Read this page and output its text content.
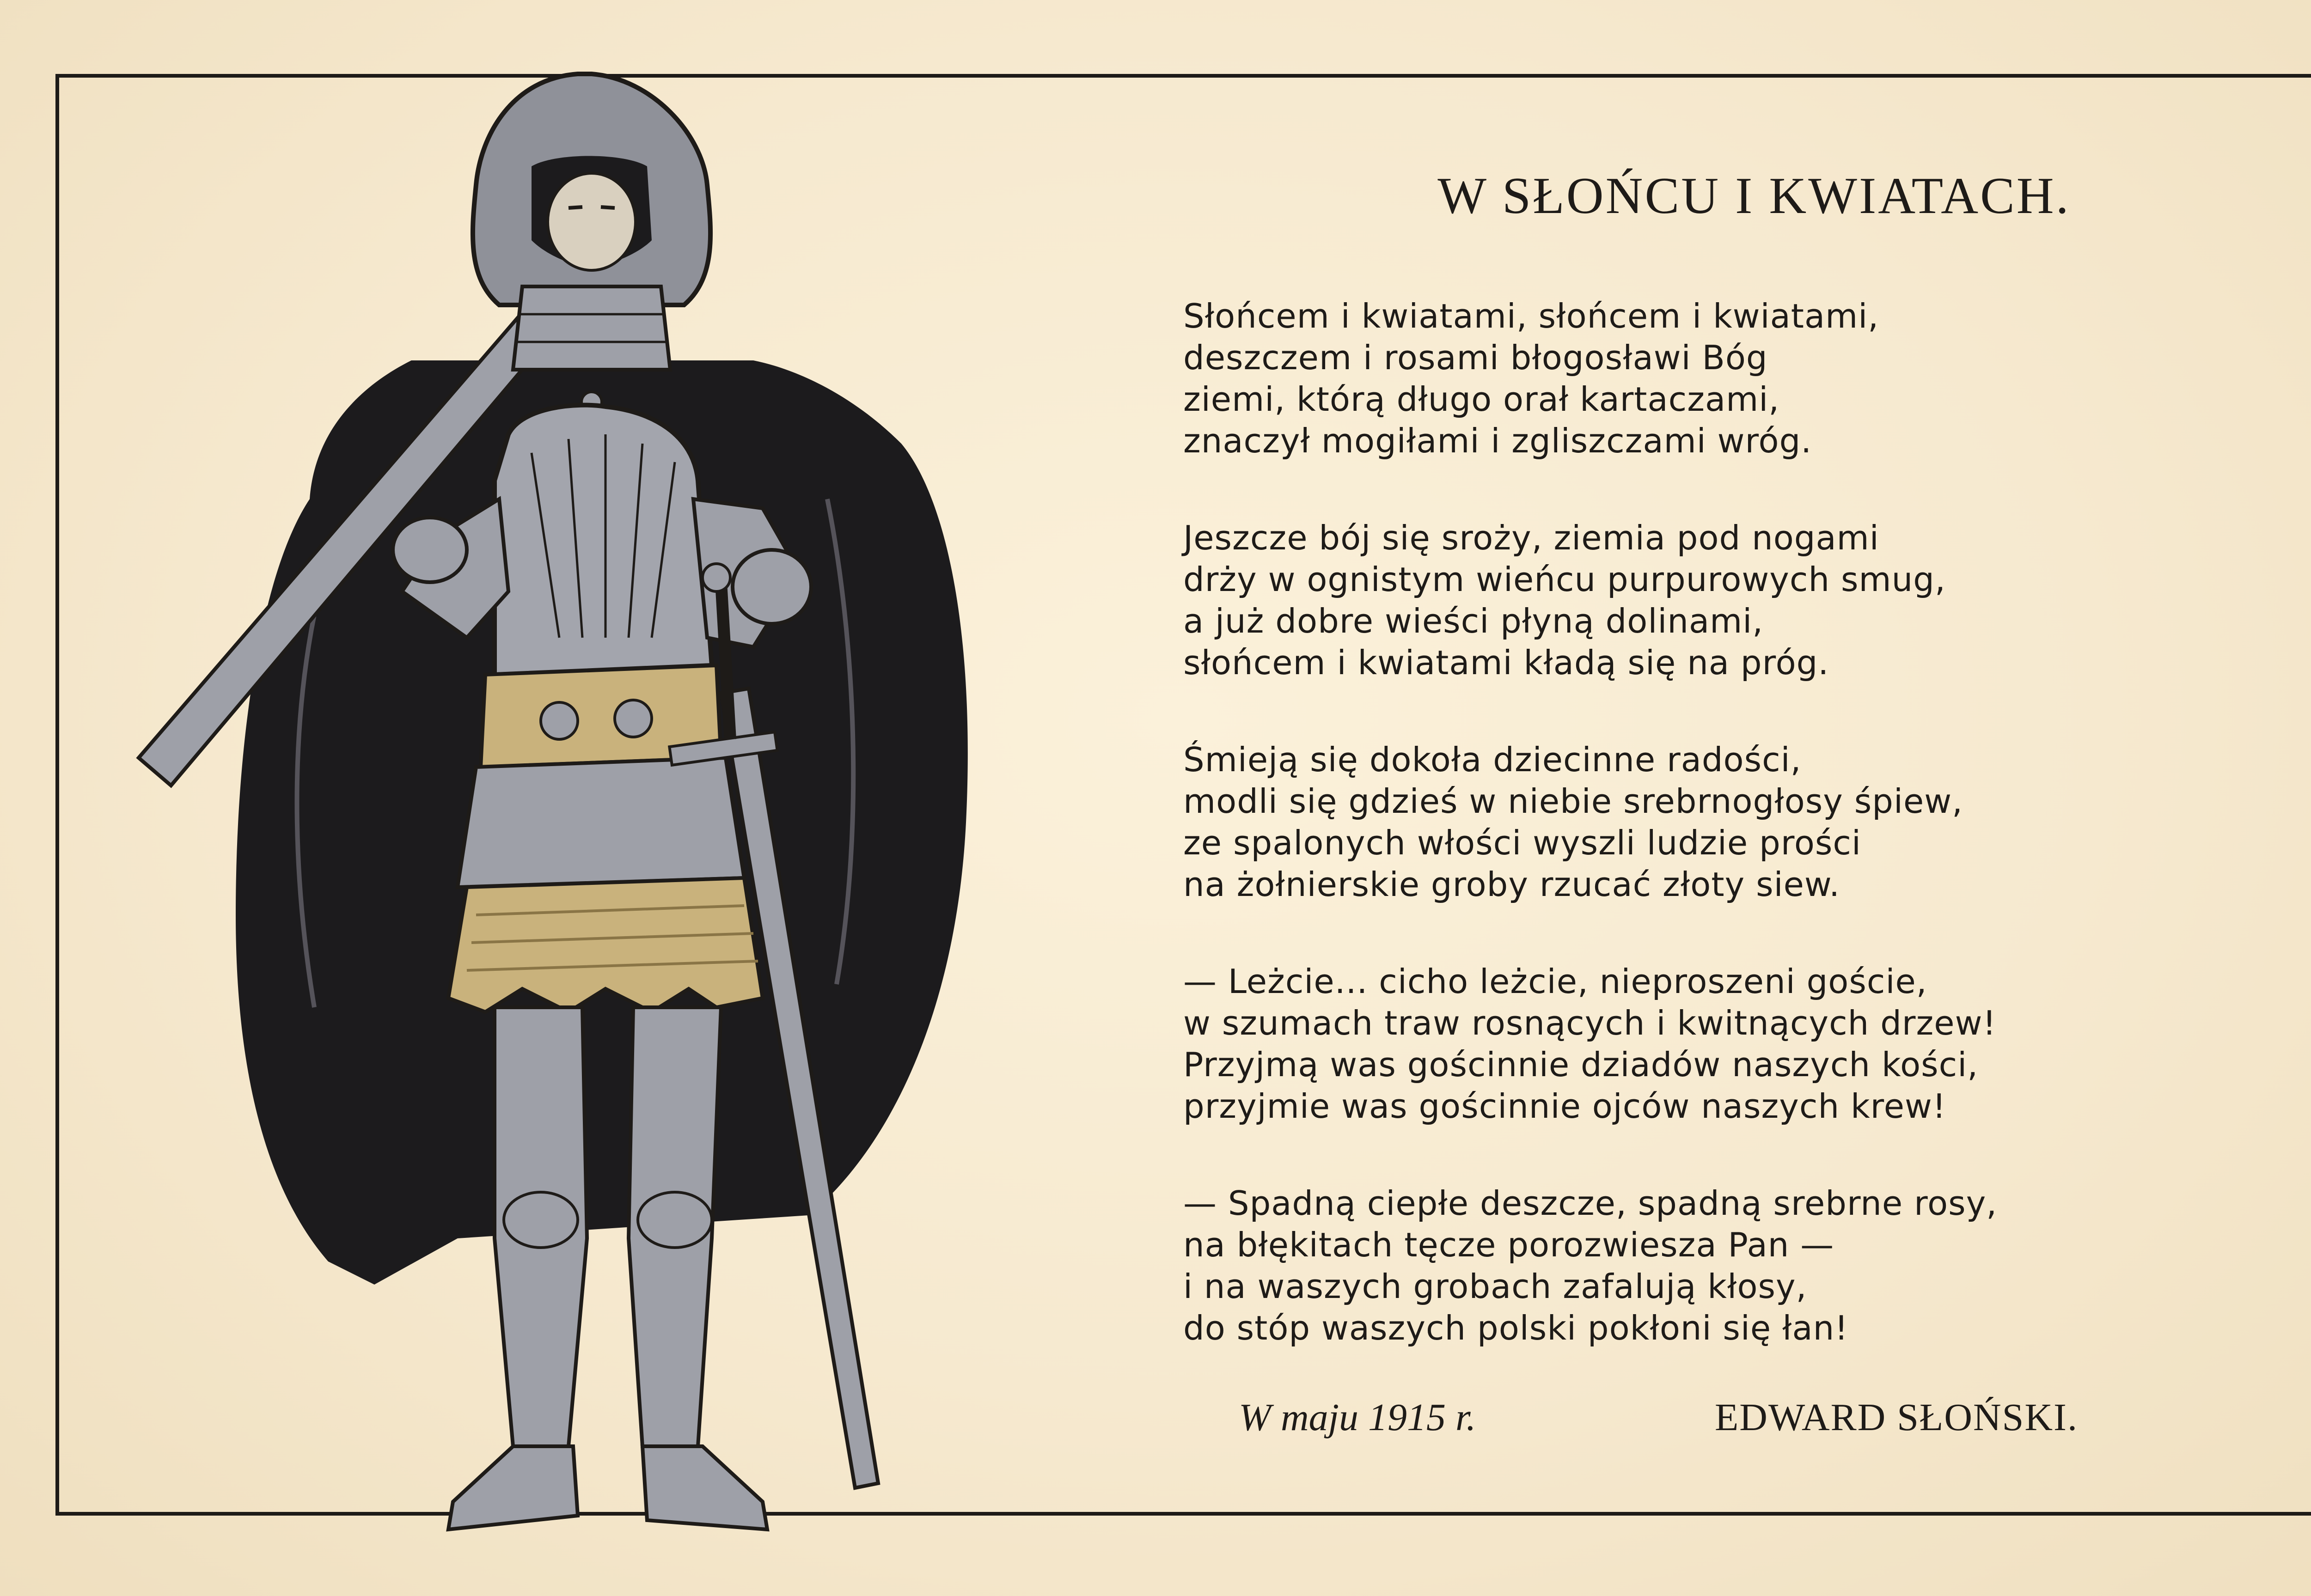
W SŁOŃCU I KWIATACH.
Słońcem i kwiatami, słońcem i kwiatami,
deszczem i rosami błogosławi Bóg
ziemi, którą długo orał kartaczami,
znaczył mogiłami i zgliszczami wróg.
Jeszcze bój się sroży, ziemia pod nogami
drży w ognistym wieńcu purpurowych smug,
a już dobre wieści płyną dolinami,
słońcem i kwiatami kładą się na próg.
Śmieją się dokoła dziecinne radości,
modli się gdzieś w niebie srebrnogłosy śpiew,
ze spalonych włości wyszli ludzie prości
na żołnierskie groby rzucać złoty siew.
— Leżcie... cicho leżcie, nieproszeni goście,
w szumach traw rosnących i kwitnących drzew!
Przyjmą was gościnnie dziadów naszych kości,
przyjmie was gościnnie ojców naszych krew!
— Spadną ciepłe deszcze, spadną srebrne rosy,
na błękitach tęcze porozwiesza Pan —
i na waszych grobach zafalują kłosy,
do stóp waszych polski pokłoni się łan!
W maju 1915 r.	EDWARD SŁOŃSKI.
